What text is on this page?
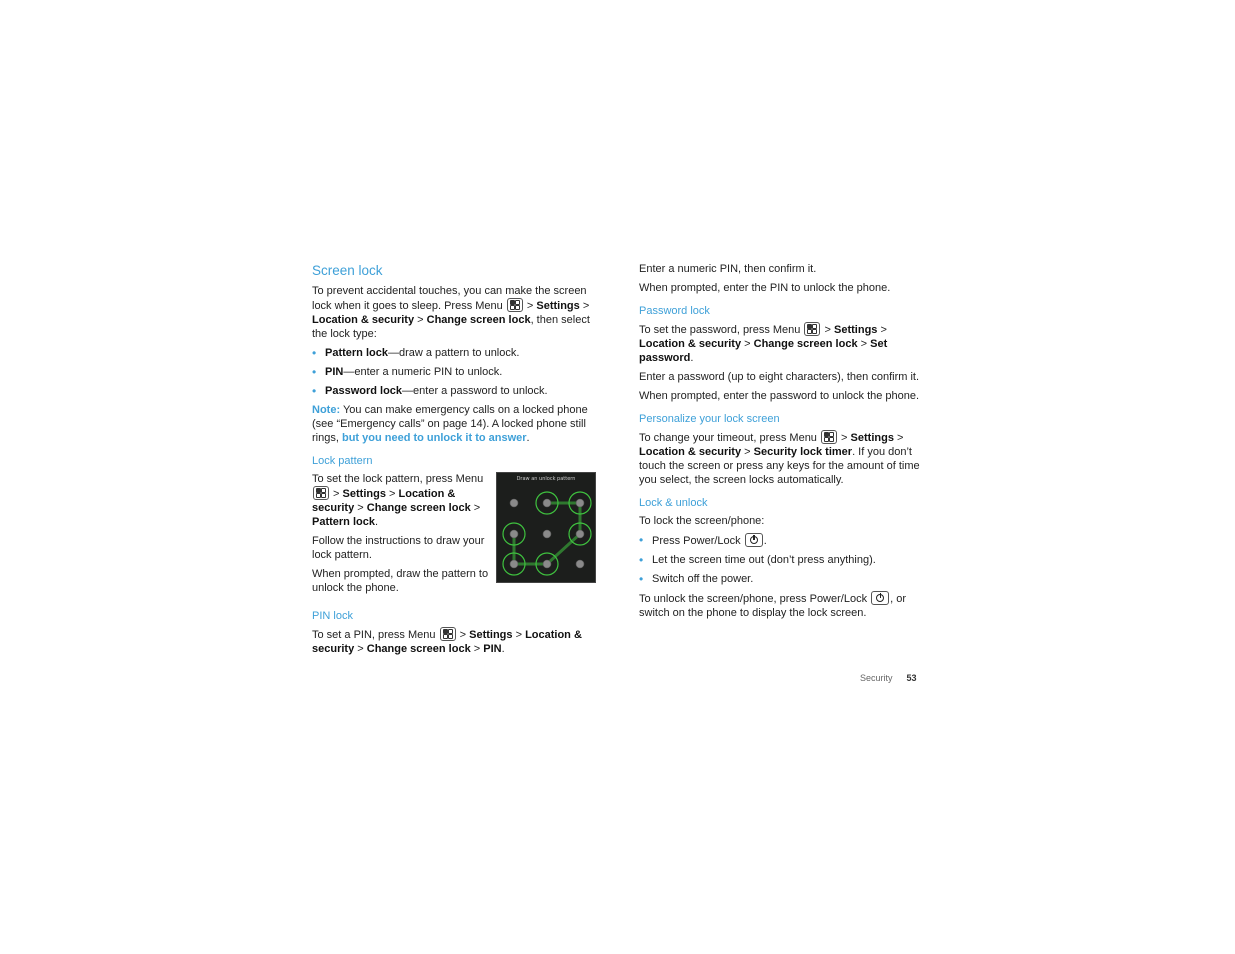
Screen lock

To prevent accidental touches, you can make the screen lock when it goes to sleep. Press Menu
> Settings > Location & security > Change screen lock, then select the lock type:

• Pattern lock—draw a pattern to unlock.
• PIN—enter a numeric PIN to unlock.
• Password lock—enter a password to unlock.

Note: You can make emergency calls on a locked phone (see “Emergency calls” on page 14). A locked phone still rings, but you need to unlock it to answer.

Lock pattern

To set the lock pattern, press Menu
> Settings > Location & security > Change screen lock > Pattern lock.

Follow the instructions to draw your lock pattern.

When prompted, draw the pattern to unlock the phone.

Draw an unlock pattern
PIN lock

To set a PIN, press Menu
> Settings > Location & security > Change screen lock > PIN.

Enter a numeric PIN, then confirm it.

When prompted, enter the PIN to unlock the phone.

Password lock

To set the password, press Menu
> Settings > Location & security > Change screen lock > Set password.

Enter a password (up to eight characters), then confirm it.

When prompted, enter the password to unlock the phone.

Personalize your lock screen

To change your timeout, press Menu
> Settings > Location & security > Security lock timer. If you don’t touch the screen or press any keys for the amount of time you select, the screen locks automatically.

Lock & unlock

To lock the screen/phone:

• Press Power/Lock .
• Let the screen time out (don’t press anything).
• Switch off the power.

To unlock the screen/phone, press Power/Lock , or switch on the phone to display the lock screen.

Security 53
